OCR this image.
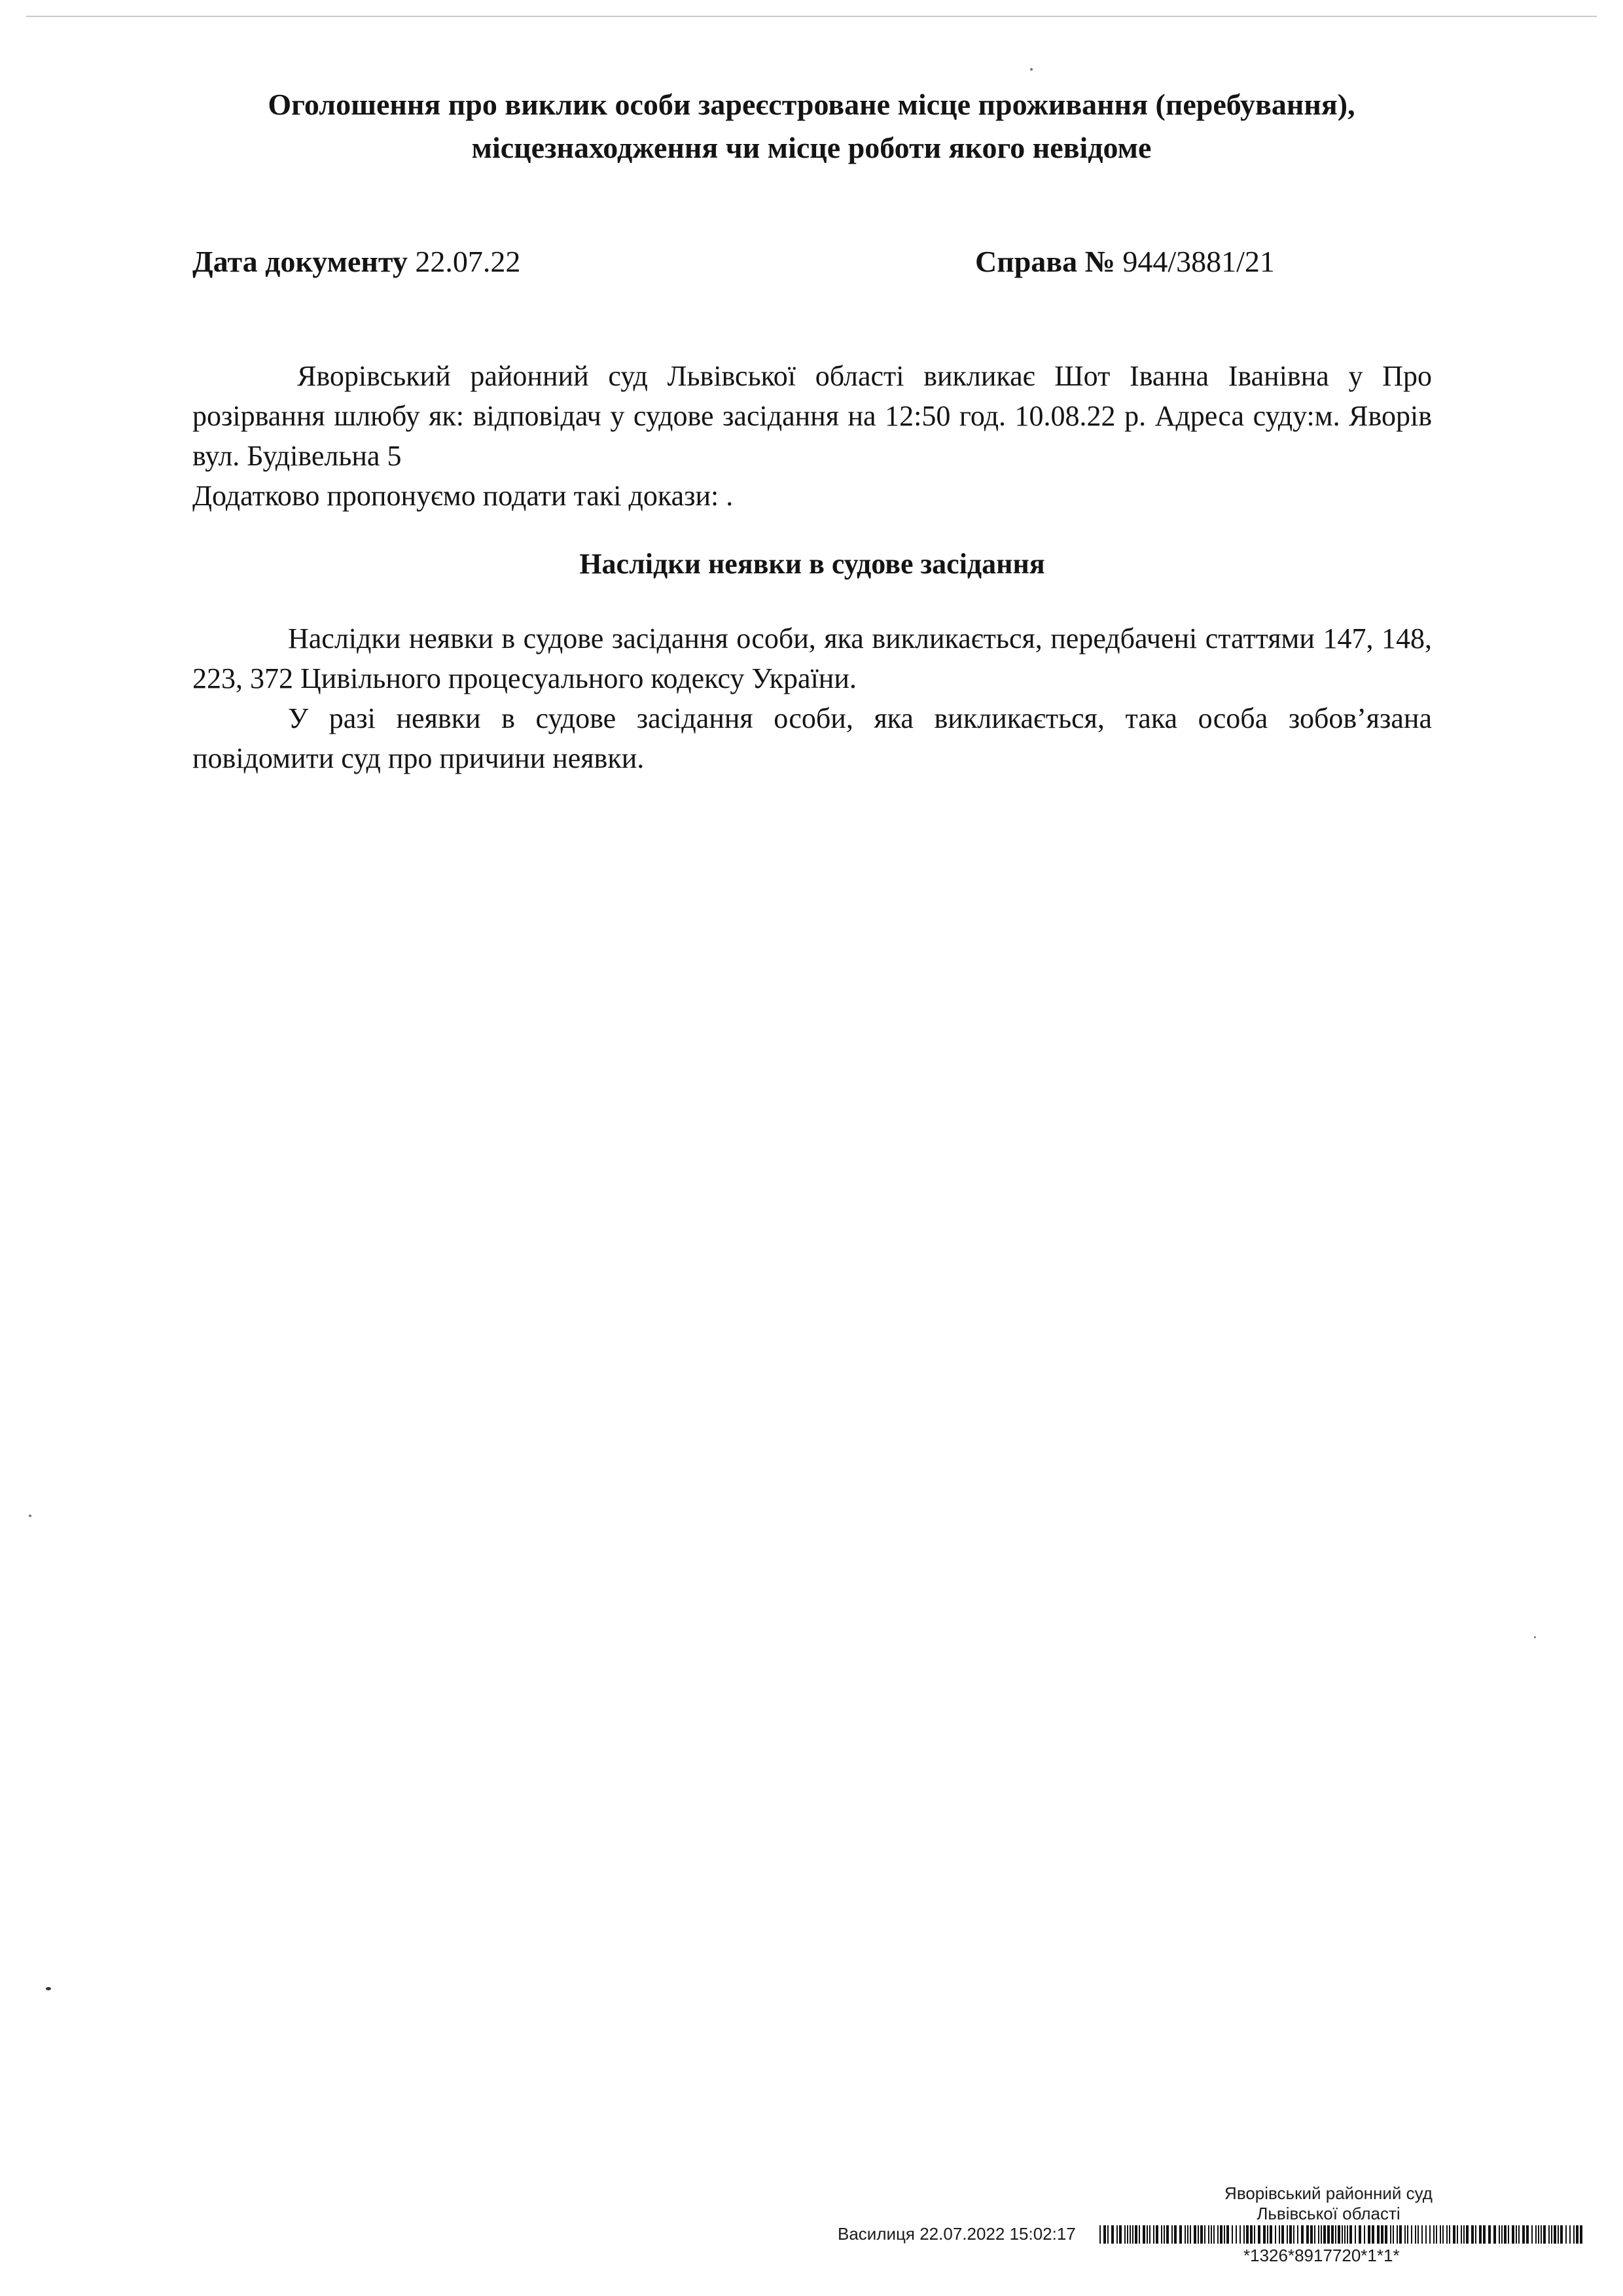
Оголошення про виклик особи зареєстроване місце проживання (перебування),
місцезнаходження чи місце роботи якого невідоме
Дата документу 22.07.22	Справа № 944/3881/21
Яворівський районний суд Львівської області викликає Шот Іванна Іванівна у Про розірвання шлюбу як: відповідач у судове засідання на 12:50 год. 10.08.22 р. Адреса суду:м. Яворів вул. Будівельна 5
Додатково пропонуємо подати такі докази: .
Наслідки неявки в судове засідання
Наслідки неявки в судове засідання особи, яка викликається, передбачені статтями 147, 148, 223, 372 Цивільного процесуального кодексу України.
У разі неявки в судове засідання особи, яка викликається, така особа зобов’язана повідомити суд про причини неявки.
Яворівський районний суд
Львівської області
Василиця 22.07.2022 15:02:17
*1326*8917720*1*1*
